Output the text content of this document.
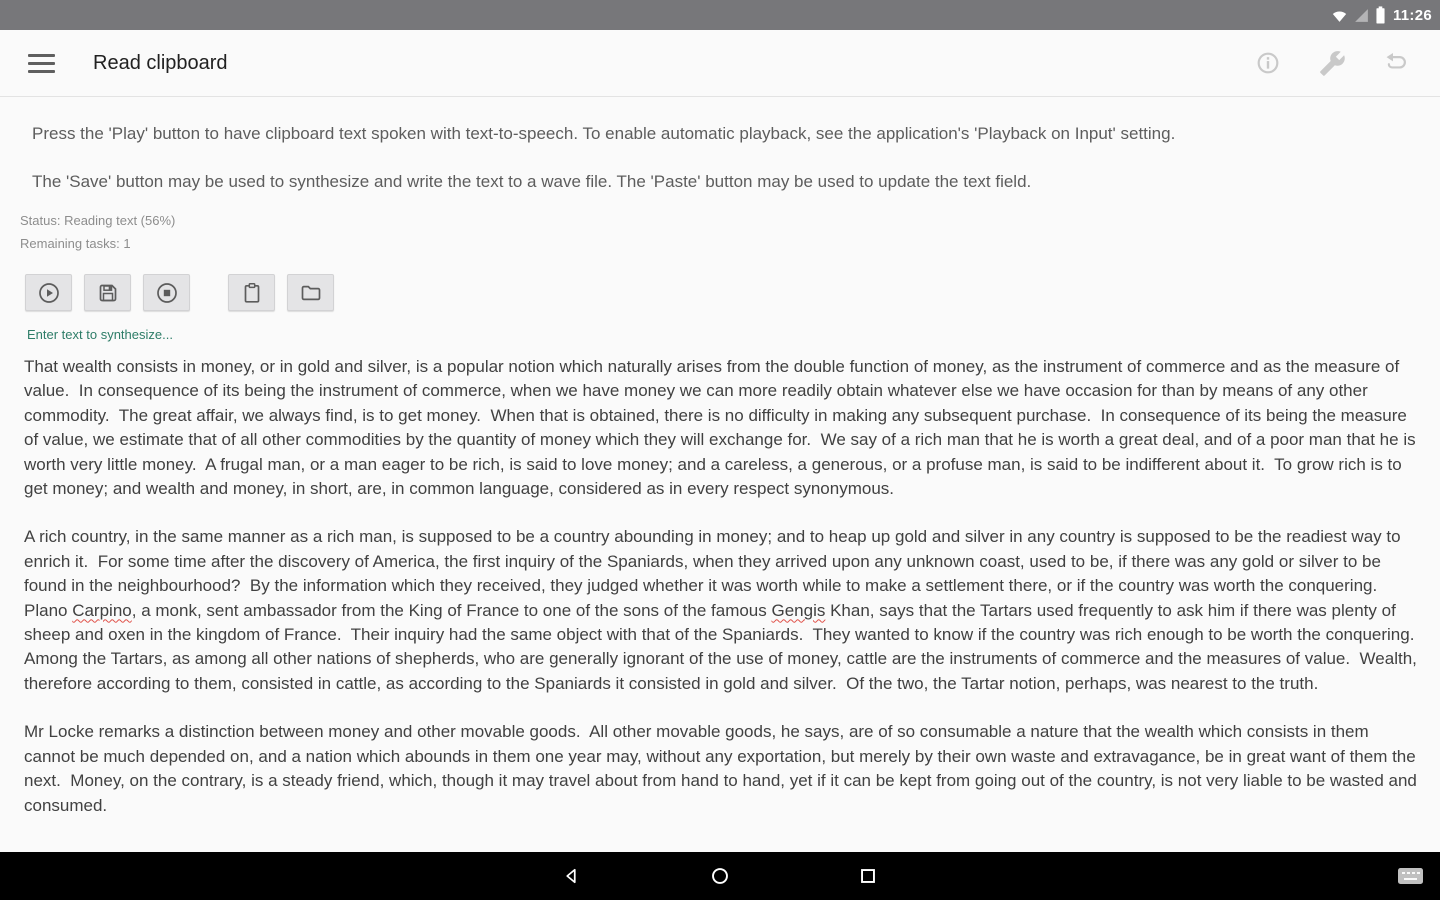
11:26
Read clipboard

Press the 'Play' button to have clipboard text spoken with text-to-speech. To enable automatic playback, see the application's 'Playback on Input' setting.

The 'Save' button may be used to synthesize and write the text to a wave file. The 'Paste' button may be used to update the text field.

Status: Reading text (56%)
Remaining tasks: 1
Enter text to synthesize...

That wealth consists in money, or in gold and silver, is a popular notion which naturally arises from the double function of money, as the instrument of commerce and as the measure of value.  In consequence of its being the instrument of commerce, when we have money we can more readily obtain whatever else we have occasion for than by means of any other commodity.  The great affair, we always find, is to get money.  When that is obtained, there is no difficulty in making any subsequent purchase.  In consequence of its being the measure of value, we estimate that of all other commodities by the quantity of money which they will exchange for.  We say of a rich man that he is worth a great deal, and of a poor man that he is worth very little money.  A frugal man, or a man eager to be rich, is said to love money; and a careless, a generous, or a profuse man, is said to be indifferent about it.  To grow rich is to get money; and wealth and money, in short, are, in common language, considered as in every respect synonymous.

A rich country, in the same manner as a rich man, is supposed to be a country abounding in money; and to heap up gold and silver in any country is supposed to be the readiest way to enrich it.  For some time after the discovery of America, the first inquiry of the Spaniards, when they arrived upon any unknown coast, used to be, if there was any gold or silver to be found in the neighbourhood?  By the information which they received, they judged whether it was worth while to make a settlement there, or if the country was worth the conquering.  Plano Carpino, a monk, sent ambassador from the King of France to one of the sons of the famous Gengis Khan, says that the Tartars used frequently to ask him if there was plenty of sheep and oxen in the kingdom of France.  Their inquiry had the same object with that of the Spaniards.  They wanted to know if the country was rich enough to be worth the conquering.  Among the Tartars, as among all other nations of shepherds, who are generally ignorant of the use of money, cattle are the instruments of commerce and the measures of value.  Wealth, therefore according to them, consisted in cattle, as according to the Spaniards it consisted in gold and silver.  Of the two, the Tartar notion, perhaps, was nearest to the truth.

Mr Locke remarks a distinction between money and other movable goods.  All other movable goods, he says, are of so consumable a nature that the wealth which consists in them cannot be much depended on, and a nation which abounds in them one year may, without any exportation, but merely by their own waste and extravagance, be in great want of them the next.  Money, on the contrary, is a steady friend, which, though it may travel about from hand to hand, yet if it can be kept from going out of the country, is not very liable to be wasted and consumed.
